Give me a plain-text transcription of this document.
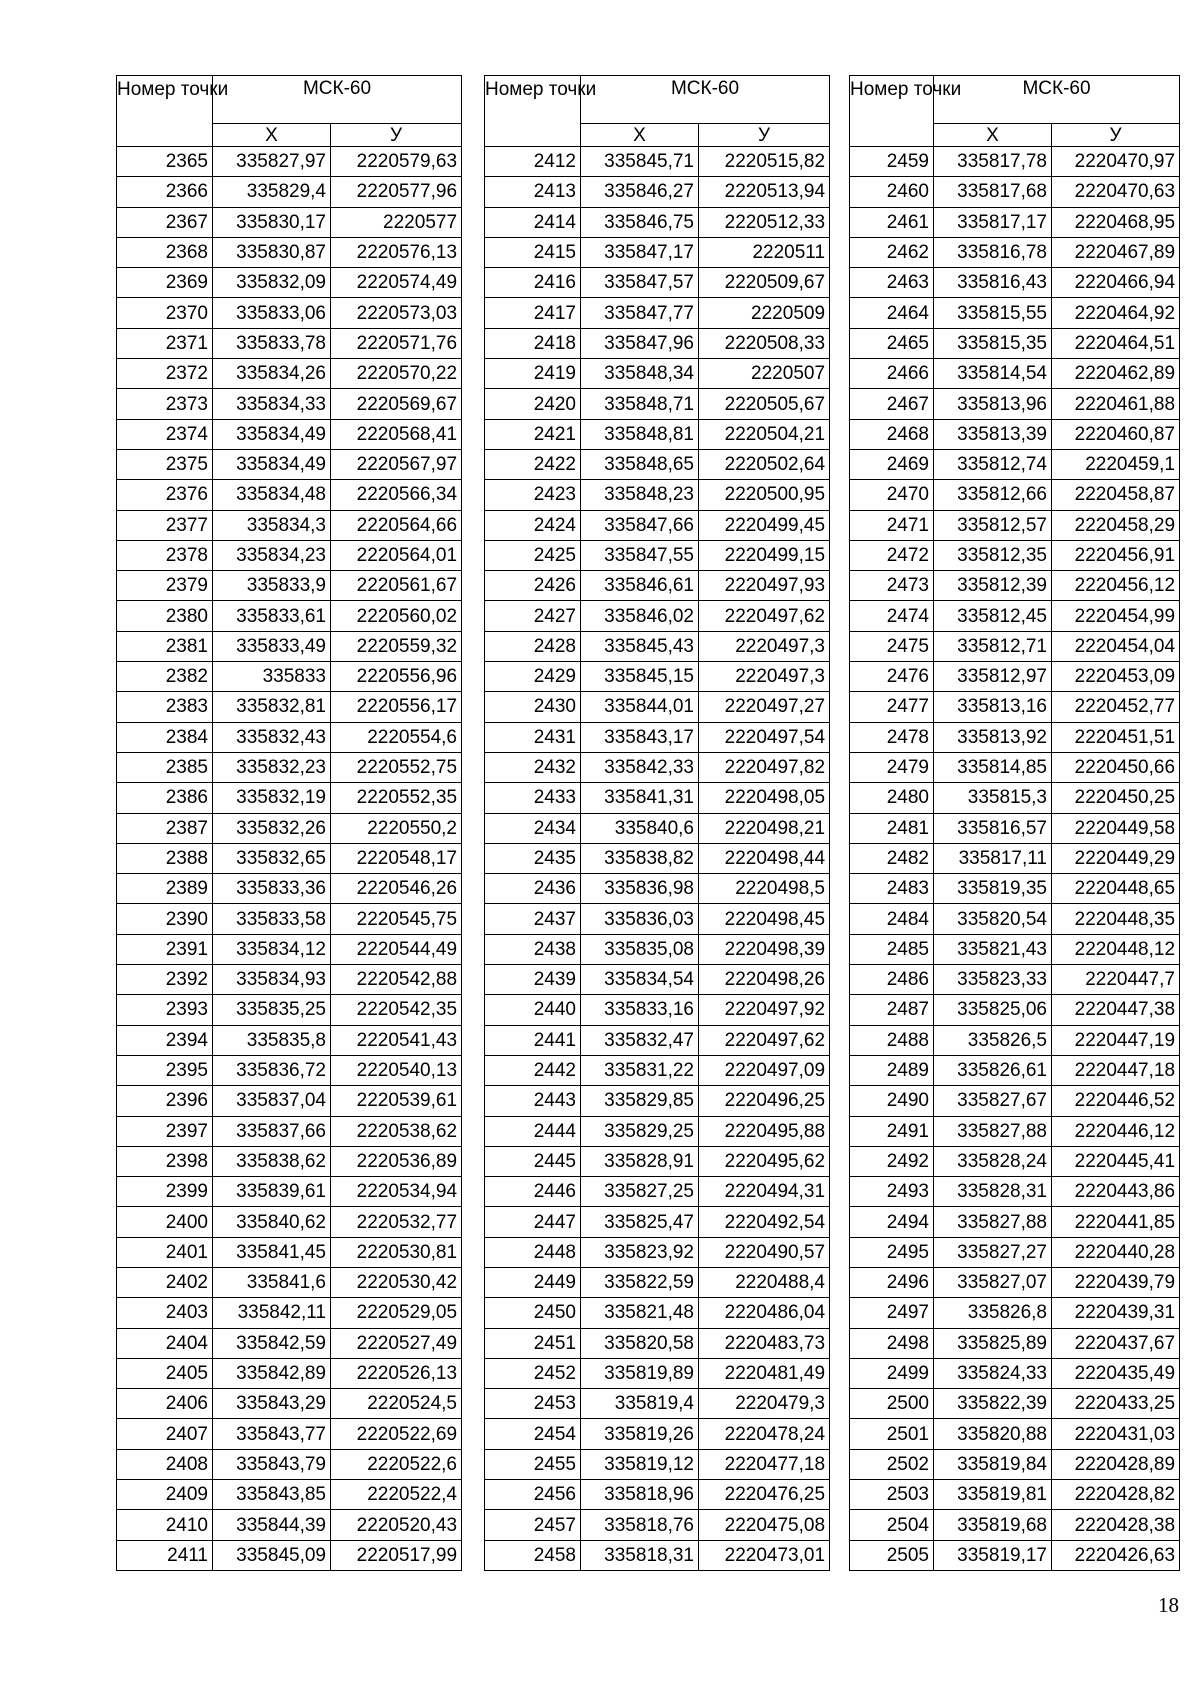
Номер точки	МСК-60	
	Х	У
2365	335827,97	2220579,63
2366	335829,4	2220577,96
2367	335830,17	2220577
2368	335830,87	2220576,13
2369	335832,09	2220574,49
2370	335833,06	2220573,03
2371	335833,78	2220571,76
2372	335834,26	2220570,22
2373	335834,33	2220569,67
2374	335834,49	2220568,41
2375	335834,49	2220567,97
2376	335834,48	2220566,34
2377	335834,3	2220564,66
2378	335834,23	2220564,01
2379	335833,9	2220561,67
2380	335833,61	2220560,02
2381	335833,49	2220559,32
2382	335833	2220556,96
2383	335832,81	2220556,17
2384	335832,43	2220554,6
2385	335832,23	2220552,75
2386	335832,19	2220552,35
2387	335832,26	2220550,2
2388	335832,65	2220548,17
2389	335833,36	2220546,26
2390	335833,58	2220545,75
2391	335834,12	2220544,49
2392	335834,93	2220542,88
2393	335835,25	2220542,35
2394	335835,8	2220541,43
2395	335836,72	2220540,13
2396	335837,04	2220539,61
2397	335837,66	2220538,62
2398	335838,62	2220536,89
2399	335839,61	2220534,94
2400	335840,62	2220532,77
2401	335841,45	2220530,81
2402	335841,6	2220530,42
2403	335842,11	2220529,05
2404	335842,59	2220527,49
2405	335842,89	2220526,13
2406	335843,29	2220524,5
2407	335843,77	2220522,69
2408	335843,79	2220522,6
2409	335843,85	2220522,4
2410	335844,39	2220520,43
2411	335845,09	2220517,99
Номер точки	МСК-60	
	Х	У
2412	335845,71	2220515,82
2413	335846,27	2220513,94
2414	335846,75	2220512,33
2415	335847,17	2220511
2416	335847,57	2220509,67
2417	335847,77	2220509
2418	335847,96	2220508,33
2419	335848,34	2220507
2420	335848,71	2220505,67
2421	335848,81	2220504,21
2422	335848,65	2220502,64
2423	335848,23	2220500,95
2424	335847,66	2220499,45
2425	335847,55	2220499,15
2426	335846,61	2220497,93
2427	335846,02	2220497,62
2428	335845,43	2220497,3
2429	335845,15	2220497,3
2430	335844,01	2220497,27
2431	335843,17	2220497,54
2432	335842,33	2220497,82
2433	335841,31	2220498,05
2434	335840,6	2220498,21
2435	335838,82	2220498,44
2436	335836,98	2220498,5
2437	335836,03	2220498,45
2438	335835,08	2220498,39
2439	335834,54	2220498,26
2440	335833,16	2220497,92
2441	335832,47	2220497,62
2442	335831,22	2220497,09
2443	335829,85	2220496,25
2444	335829,25	2220495,88
2445	335828,91	2220495,62
2446	335827,25	2220494,31
2447	335825,47	2220492,54
2448	335823,92	2220490,57
2449	335822,59	2220488,4
2450	335821,48	2220486,04
2451	335820,58	2220483,73
2452	335819,89	2220481,49
2453	335819,4	2220479,3
2454	335819,26	2220478,24
2455	335819,12	2220477,18
2456	335818,96	2220476,25
2457	335818,76	2220475,08
2458	335818,31	2220473,01
Номер точки	МСК-60	
	Х	У
2459	335817,78	2220470,97
2460	335817,68	2220470,63
2461	335817,17	2220468,95
2462	335816,78	2220467,89
2463	335816,43	2220466,94
2464	335815,55	2220464,92
2465	335815,35	2220464,51
2466	335814,54	2220462,89
2467	335813,96	2220461,88
2468	335813,39	2220460,87
2469	335812,74	2220459,1
2470	335812,66	2220458,87
2471	335812,57	2220458,29
2472	335812,35	2220456,91
2473	335812,39	2220456,12
2474	335812,45	2220454,99
2475	335812,71	2220454,04
2476	335812,97	2220453,09
2477	335813,16	2220452,77
2478	335813,92	2220451,51
2479	335814,85	2220450,66
2480	335815,3	2220450,25
2481	335816,57	2220449,58
2482	335817,11	2220449,29
2483	335819,35	2220448,65
2484	335820,54	2220448,35
2485	335821,43	2220448,12
2486	335823,33	2220447,7
2487	335825,06	2220447,38
2488	335826,5	2220447,19
2489	335826,61	2220447,18
2490	335827,67	2220446,52
2491	335827,88	2220446,12
2492	335828,24	2220445,41
2493	335828,31	2220443,86
2494	335827,88	2220441,85
2495	335827,27	2220440,28
2496	335827,07	2220439,79
2497	335826,8	2220439,31
2498	335825,89	2220437,67
2499	335824,33	2220435,49
2500	335822,39	2220433,25
2501	335820,88	2220431,03
2502	335819,84	2220428,89
2503	335819,81	2220428,82
2504	335819,68	2220428,38
2505	335819,17	2220426,63
18
